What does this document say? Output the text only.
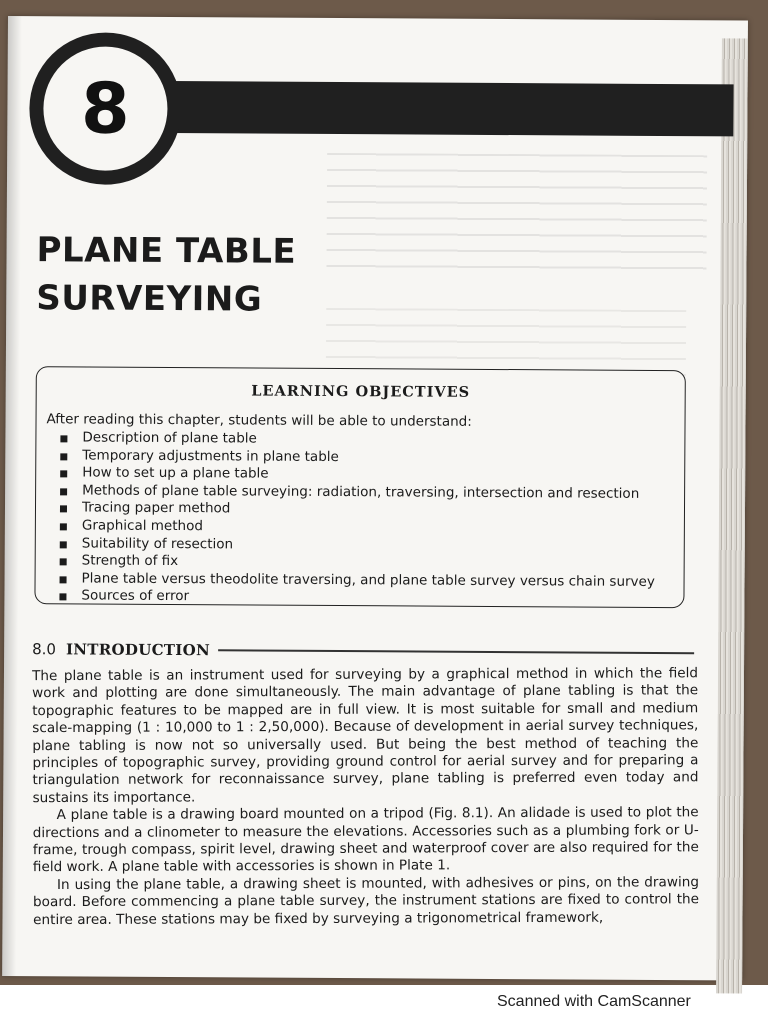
8
PLANE TABLE
SURVEYING
LEARNING OBJECTIVES
After reading this chapter, students will be able to understand:
Description of plane table
Temporary adjustments in plane table
How to set up a plane table
Methods of plane table surveying: radiation, traversing, intersection and resection
Tracing paper method
Graphical method
Suitability of resection
Strength of fix
Plane table versus theodolite traversing, and plane table survey versus chain survey
Sources of error
8.0 INTRODUCTION

The plane table is an instrument used for surveying by a graphical method in which the field work and plotting are done simultaneously. The main advantage of plane tabling is that the topographic features to be mapped are in full view. It is most suitable for small and medium scale-mapping (1 : 10,000 to 1 : 2,50,000). Because of development in aerial survey techniques, plane tabling is now not so universally used. But being the best method of teaching the principles of topographic survey, providing ground control for aerial survey and for preparing a triangulation network for reconnaissance survey, plane tabling is preferred even today and sustains its importance.

A plane table is a drawing board mounted on a tripod (Fig. 8.1). An alidade is used to plot the directions and a clinometer to measure the elevations. Accessories such as a plumbing fork or U-frame, trough compass, spirit level, drawing sheet and waterproof cover are also required for the field work. A plane table with accessories is shown in Plate 1.

In using the plane table, a drawing sheet is mounted, with adhesives or pins, on the drawing board. Before commencing a plane table survey, the instrument stations are fixed to control the entire area. These stations may be fixed by surveying a trigonometrical framework,

Scanned with CamScanner
